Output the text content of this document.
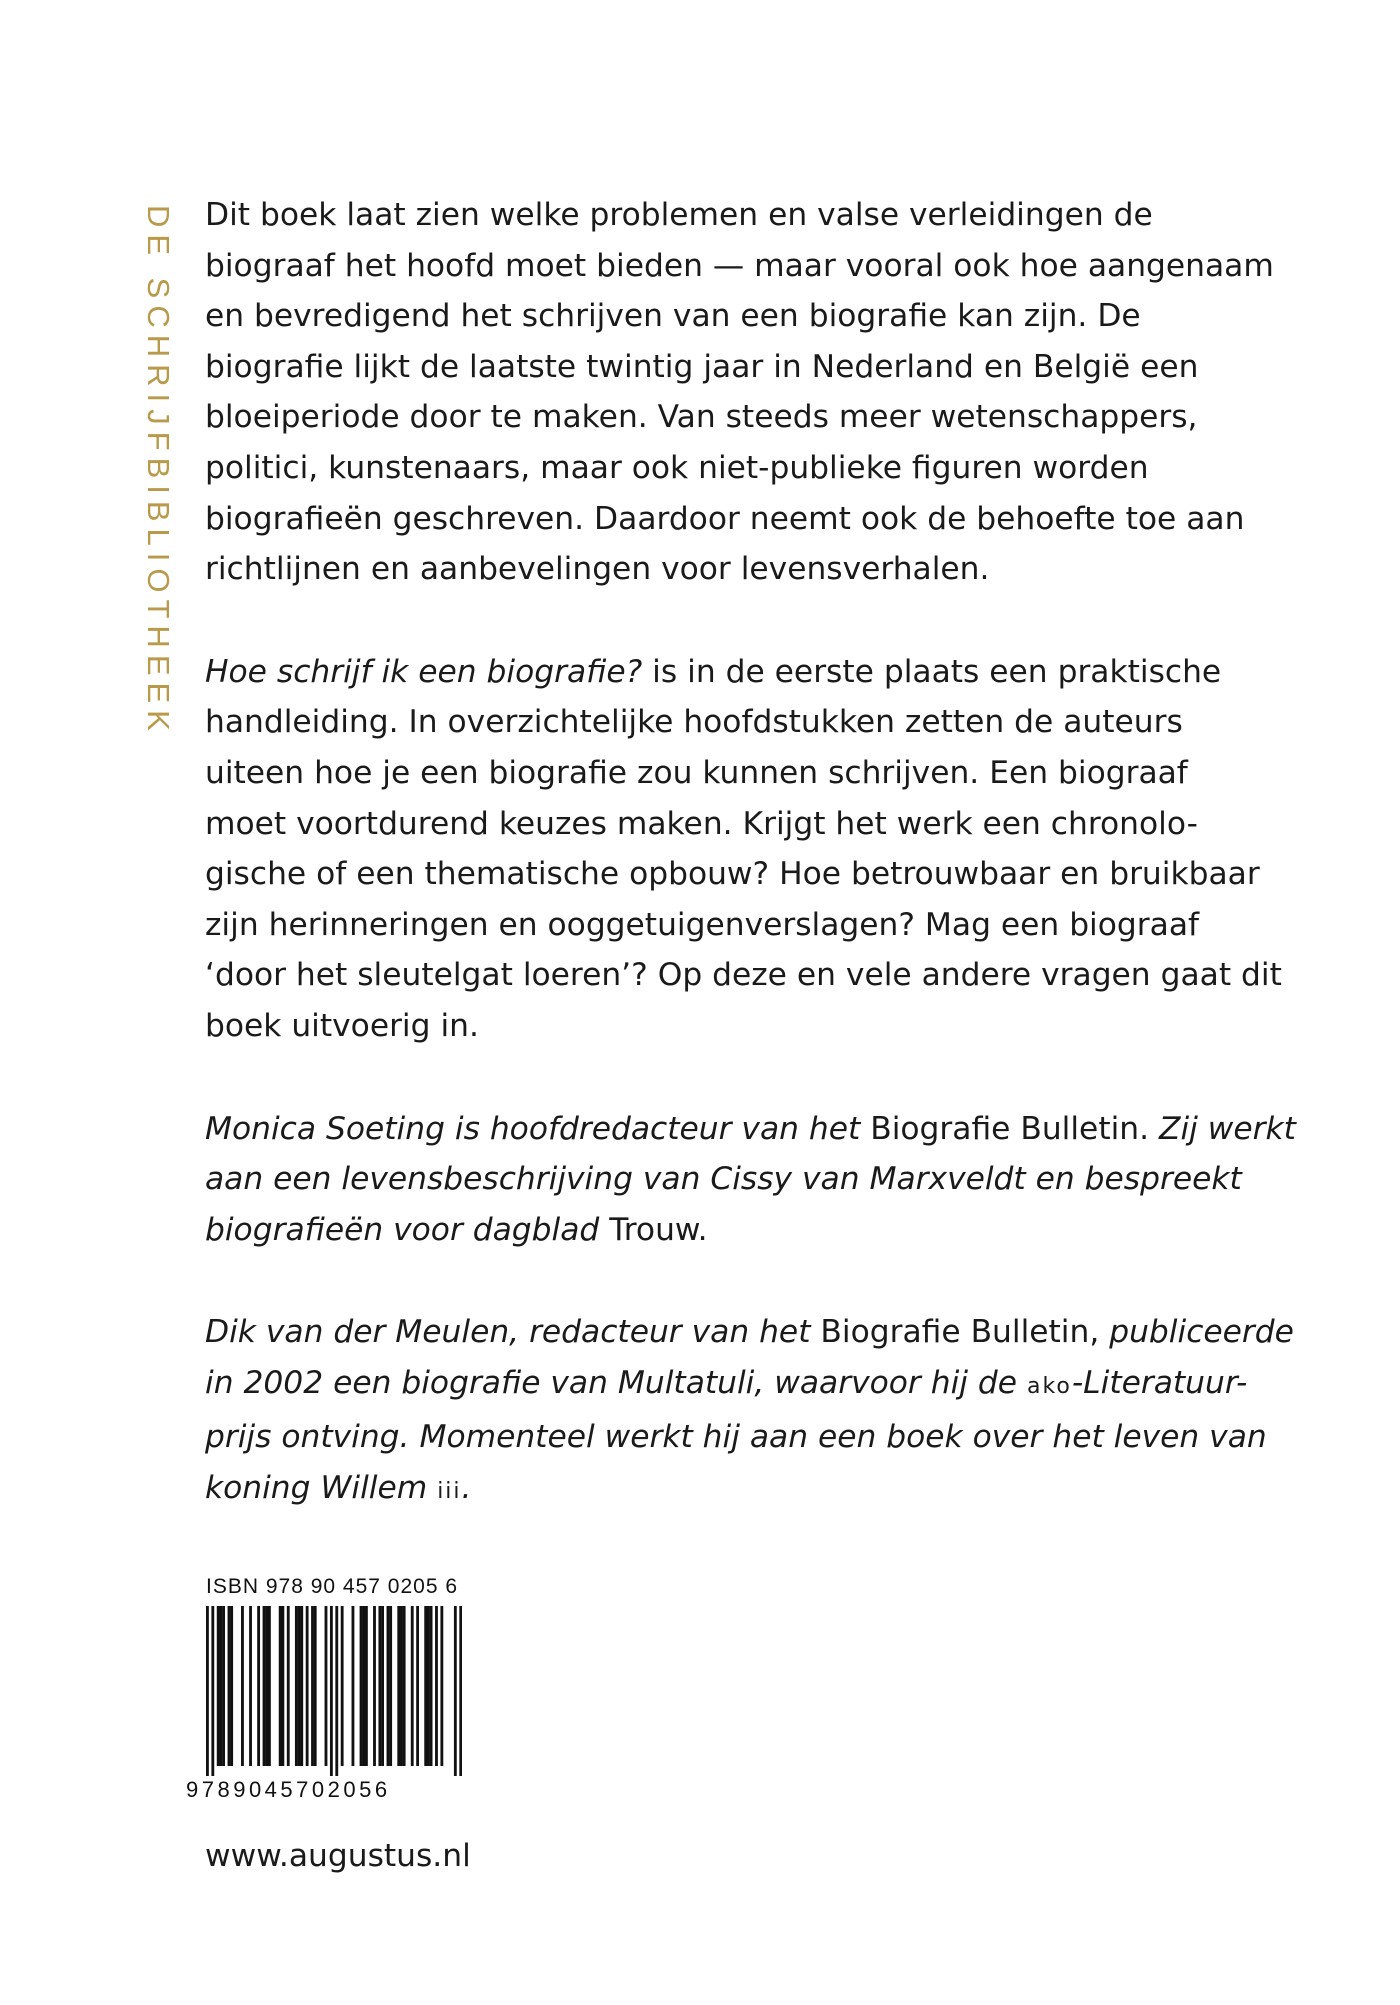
DE SCHRIJFBIBLIOTHEEK Dit boek laat zien welke problemen en valse verleidingen de
biograaf het hoofd moet bieden — maar vooral ook hoe aangenaam
en bevredigend het schrijven van een biografie kan zijn. De
biografie lijkt de laatste twintig jaar in Nederland en België een
bloeiperiode door te maken. Van steeds meer wetenschappers,
politici, kunstenaars, maar ook niet-publieke figuren worden
biografieën geschreven. Daardoor neemt ook de behoefte toe aan
richtlijnen en aanbevelingen voor levensverhalen.

Hoe schrijf ik een biografie? is in de eerste plaats een praktische
handleiding. In overzichtelijke hoofdstukken zetten de auteurs
uiteen hoe je een biografie zou kunnen schrijven. Een biograaf
moet voortdurend keuzes maken. Krijgt het werk een chronolo-
gische of een thematische opbouw? Hoe betrouwbaar en bruikbaar
zijn herinneringen en ooggetuigenverslagen? Mag een biograaf
‘door het sleutelgat loeren’? Op deze en vele andere vragen gaat dit
boek uitvoerig in.

Monica Soeting is hoofdredacteur van het Biografie Bulletin. Zij werkt
aan een levensbeschrijving van Cissy van Marxveldt en bespreekt
biografieën voor dagblad Trouw.

Dik van der Meulen, redacteur van het Biografie Bulletin, publiceerde
in 2002 een biografie van Multatuli, waarvoor hij de ako-Literatuur-
prijs ontving. Momenteel werkt hij aan een boek over het leven van
koning Willem iii.

ISBN 978 90 457 0205 6
9789045702056
www.augustus.nl
